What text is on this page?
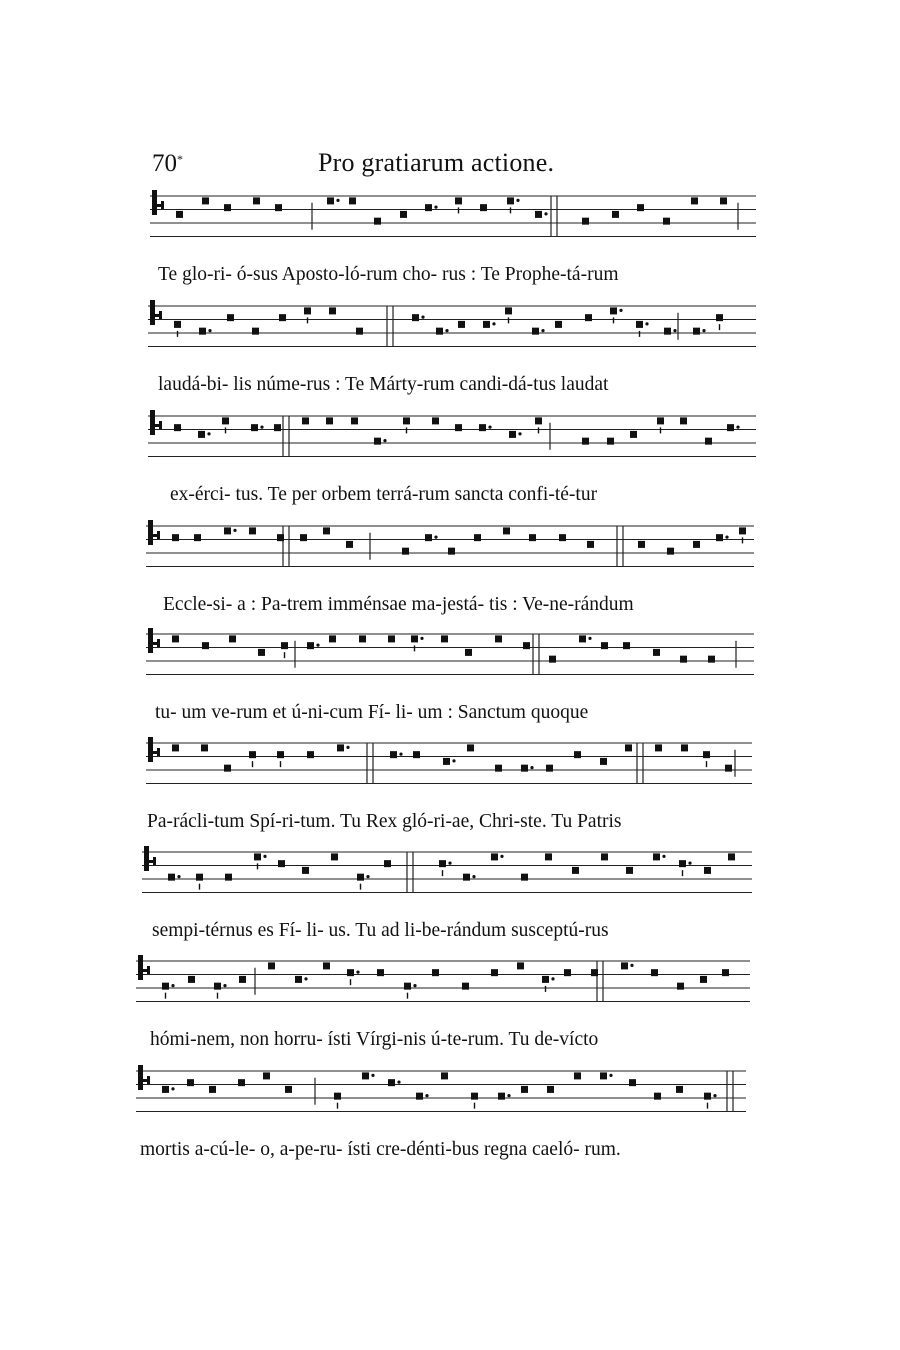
70*	Pro gratiarum actione.
Te glo-ri- ó-sus Aposto-ló-rum cho- rus : Te Prophe-tá-rum
laudá-bi- lis núme-rus : Te Márty-rum candi-dá-tus laudat
ex-érci- tus. Te per orbem terrá-rum sancta confi-té-tur
Eccle-si- a : Pa-trem imménsae ma-jestá- tis : Ve-ne-rándum
tu- um ve-rum et ú-ni-cum Fí- li- um : Sanctum quoque
Pa-rácli-tum Spí-ri-tum. Tu Rex gló-ri-ae, Chri-ste. Tu Patris
sempi-térnus es Fí- li- us. Tu ad li-be-rándum susceptú-rus
hómi-nem, non horru- ísti Vírgi-nis ú-te-rum. Tu de-vícto
mortis a-cú-le- o, a-pe-ru- ísti cre-dénti-bus regna caeló- rum.
